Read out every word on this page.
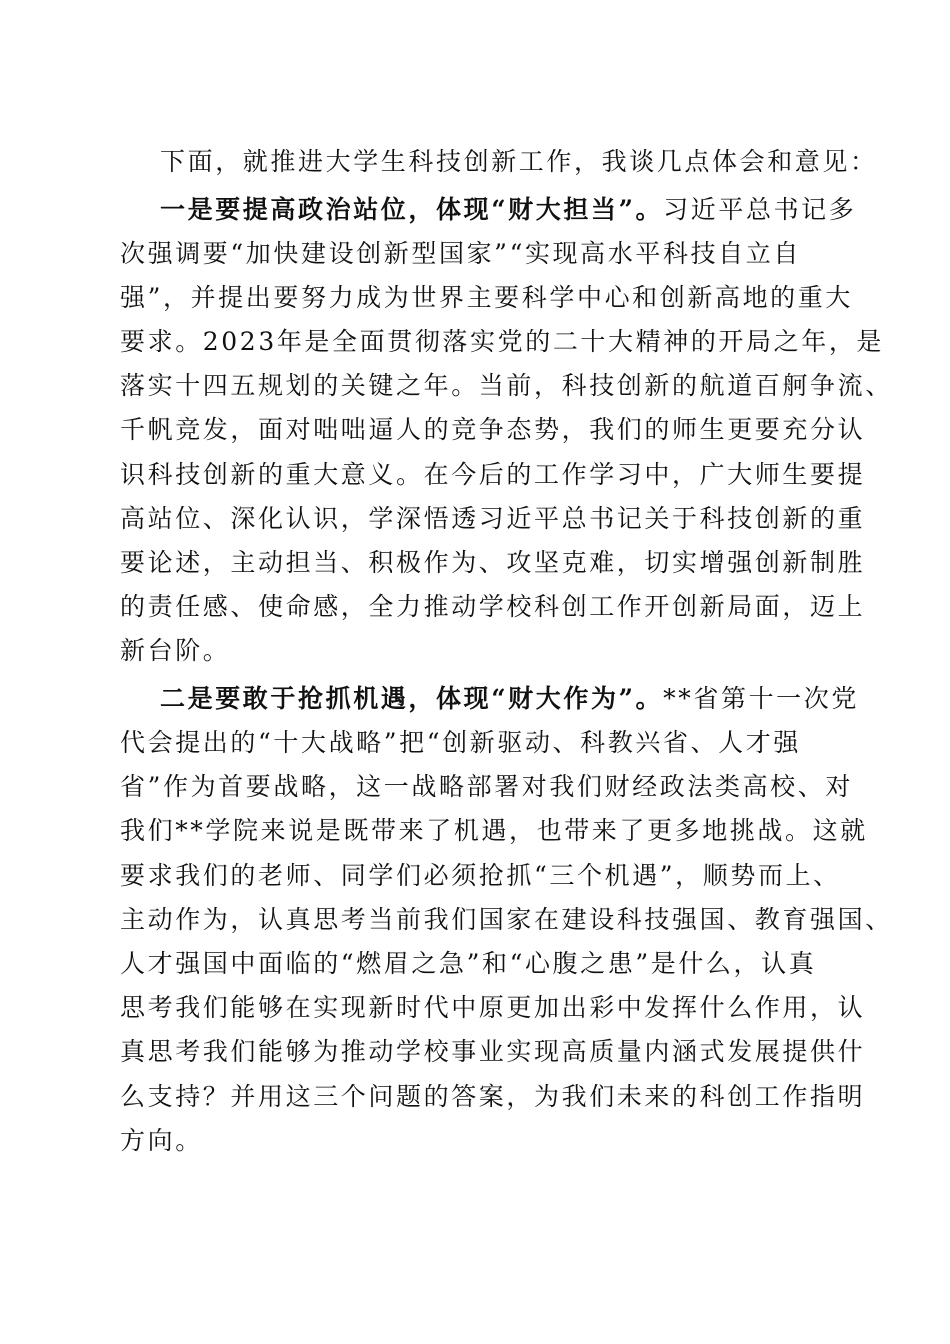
下面，就推进大学生科技创新工作，我谈几点体会和意见：
一是要提高政治站位，体现“财大担当”。习近平总书记多
次强调要“加快建设创新型国家”“实现高水平科技自立自
强”，并提出要努力成为世界主要科学中心和创新高地的重大
要求。2023年是全面贯彻落实党的二十大精神的开局之年，是
落实十四五规划的关键之年。当前，科技创新的航道百舸争流、
千帆竞发，面对咄咄逼人的竞争态势，我们的师生更要充分认
识科技创新的重大意义。在今后的工作学习中，广大师生要提
高站位、深化认识，学深悟透习近平总书记关于科技创新的重
要论述，主动担当、积极作为、攻坚克难，切实增强创新制胜
的责任感、使命感，全力推动学校科创工作开创新局面，迈上
新台阶。
二是要敢于抢抓机遇，体现“财大作为”。**省第十一次党
代会提出的“十大战略”把“创新驱动、科教兴省、人才强
省”作为首要战略，这一战略部署对我们财经政法类高校、对
我们**学院来说是既带来了机遇，也带来了更多地挑战。这就
要求我们的老师、同学们必须抢抓“三个机遇”，顺势而上、
主动作为，认真思考当前我们国家在建设科技强国、教育强国、
人才强国中面临的“燃眉之急”和“心腹之患”是什么，认真
思考我们能够在实现新时代中原更加出彩中发挥什么作用，认
真思考我们能够为推动学校事业实现高质量内涵式发展提供什
么支持？并用这三个问题的答案，为我们未来的科创工作指明
方向。
